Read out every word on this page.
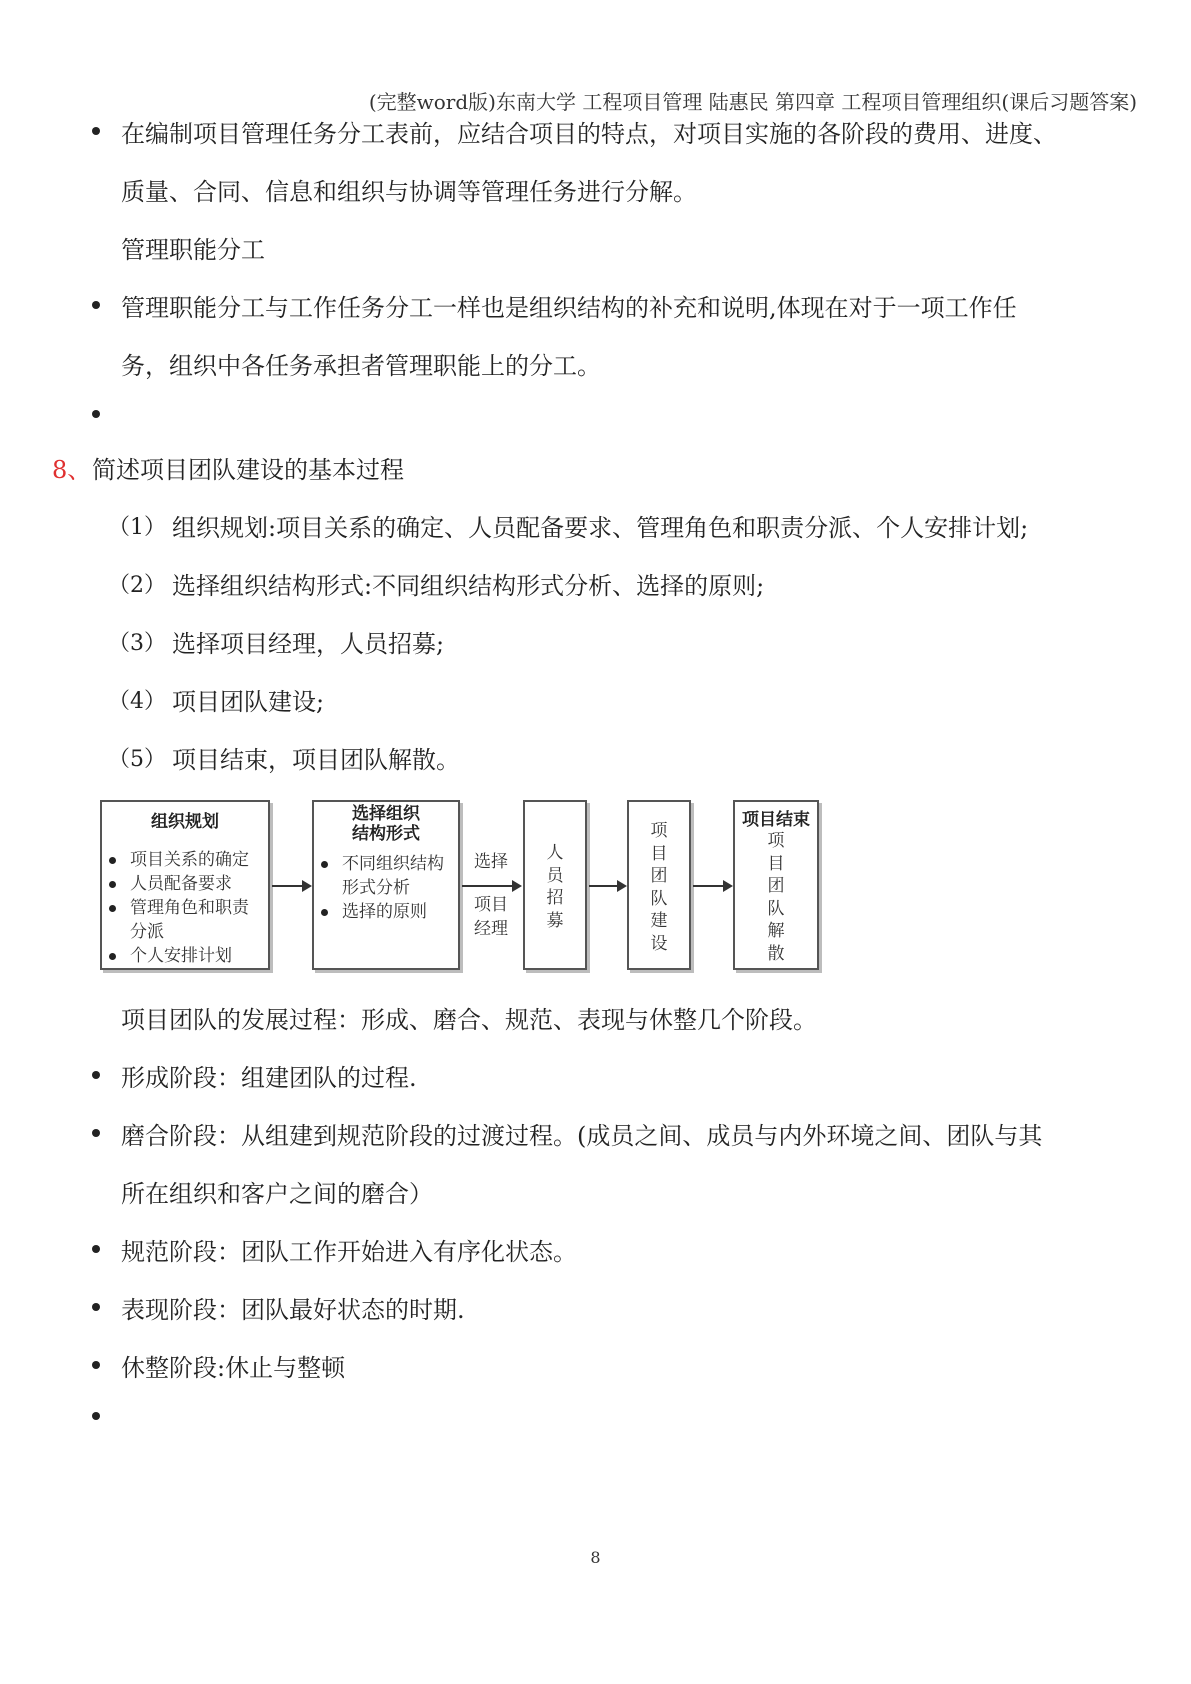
(完整word版)东南大学 工程项目管理 陆惠民 第四章 工程项目管理组织(课后习题答案)
在编制项目管理任务分工表前，应结合项目的特点，对项目实施的各阶段的费用、进度、
质量、合同、信息和组织与协调等管理任务进行分解。
管理职能分工
管理职能分工与工作任务分工一样也是组织结构的补充和说明,体现在对于一项工作任
务，组织中各任务承担者管理职能上的分工。
8、 简述项目团队建设的基本过程
（1） 组织规划:项目关系的确定、人员配备要求、管理角色和职责分派、个人安排计划;
（2） 选择组织结构形式:不同组织结构形式分析、选择的原则;
（3） 选择项目经理，人员招募;
（4） 项目团队建设;
（5） 项目结束，项目团队解散。
组织规划
项目关系的确定
人员配备要求
管理角色和职责
分派
个人安排计划
选择组织
结构形式
不同组织结构
形式分析
选择的原则
选择
项目
经理
人
员
招
募
项
目
团
队
建
设
项目结束
项
目
团
队
解
散
项目团队的发展过程：形成、磨合、规范、表现与休整几个阶段。
形成阶段：组建团队的过程.
磨合阶段：从组建到规范阶段的过渡过程。(成员之间、成员与内外环境之间、团队与其
所在组织和客户之间的磨合）
规范阶段：团队工作开始进入有序化状态。
表现阶段：团队最好状态的时期.
休整阶段:休止与整顿
8
